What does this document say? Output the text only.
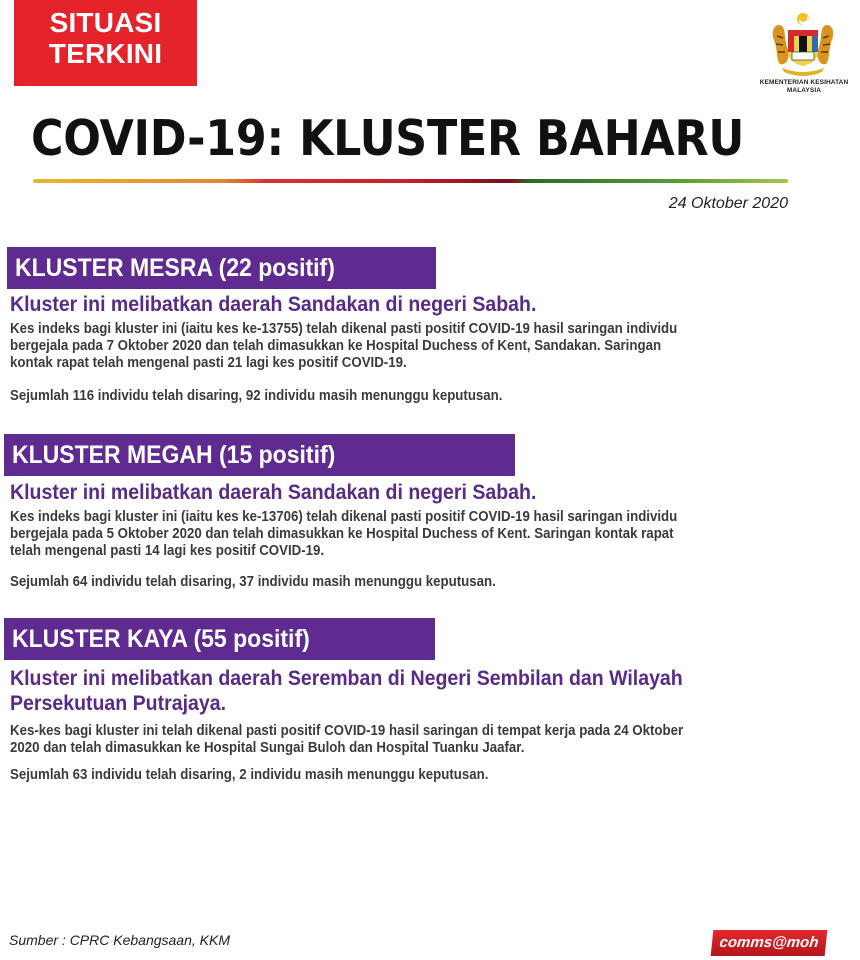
SITUASI
TERKINI
KEMENTERIAN KESIHATAN
MALAYSIA
COVID-19: KLUSTER BAHARU
24 Oktober 2020
KLUSTER MESRA (22 positif)
Kluster ini melibatkan daerah Sandakan di negeri Sabah.
Kes indeks bagi kluster ini (iaitu kes ke-13755) telah dikenal pasti positif COVID-19 hasil saringan individu
bergejala pada 7 Oktober 2020 dan telah dimasukkan ke Hospital Duchess of Kent, Sandakan. Saringan
kontak rapat telah mengenal pasti 21 lagi kes positif COVID-19.
Sejumlah 116 individu telah disaring, 92 individu masih menunggu keputusan.
KLUSTER MEGAH (15 positif)
Kluster ini melibatkan daerah Sandakan di negeri Sabah.
Kes indeks bagi kluster ini (iaitu kes ke-13706) telah dikenal pasti positif COVID-19 hasil saringan individu
bergejala pada 5 Oktober 2020 dan telah dimasukkan ke Hospital Duchess of Kent. Saringan kontak rapat
telah mengenal pasti 14 lagi kes positif COVID-19.
Sejumlah 64 individu telah disaring, 37 individu masih menunggu keputusan.
KLUSTER KAYA (55 positif)
Kluster ini melibatkan daerah Seremban di Negeri Sembilan dan Wilayah
Persekutuan Putrajaya.
Kes-kes bagi kluster ini telah dikenal pasti positif COVID-19 hasil saringan di tempat kerja pada 24 Oktober
2020 dan telah dimasukkan ke Hospital Sungai Buloh dan Hospital Tuanku Jaafar.
Sejumlah 63 individu telah disaring, 2 individu masih menunggu keputusan.
Sumber : CPRC Kebangsaan, KKM	comms@moh
